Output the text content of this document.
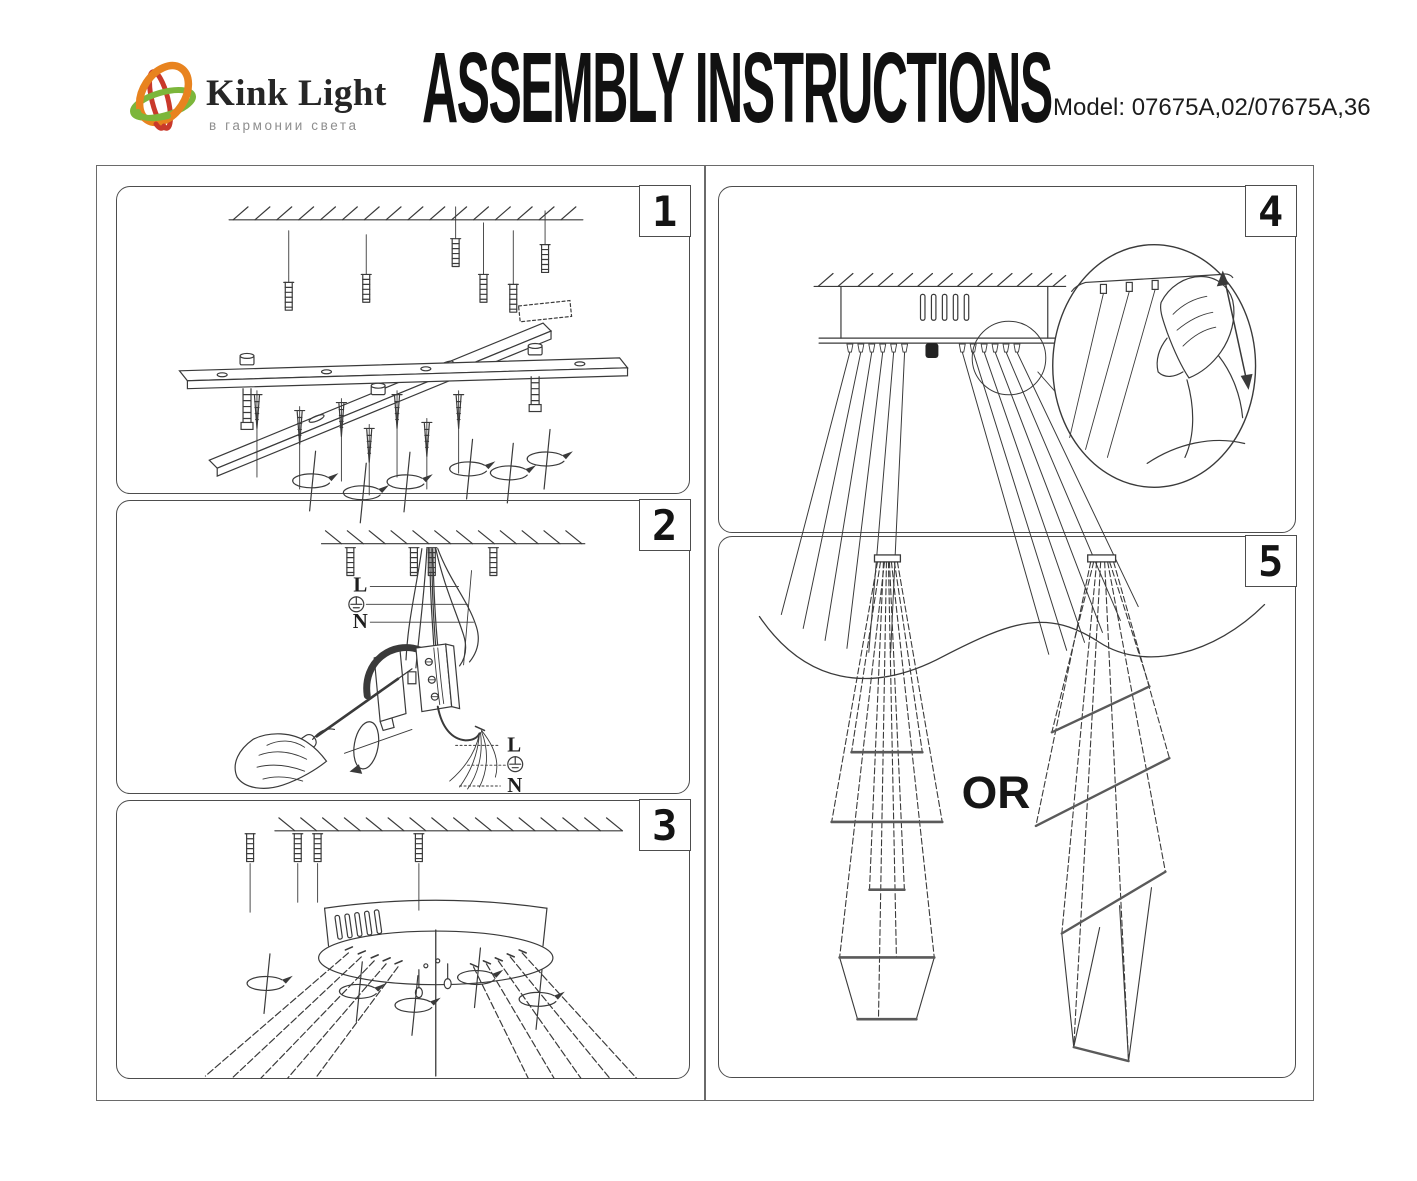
Kink Light
в гармонии света ASSEMBLY INSTRUCTIONS Model: 07675A,02/07675A,36
1
2
L
N
L
N
3
4
5
OR
